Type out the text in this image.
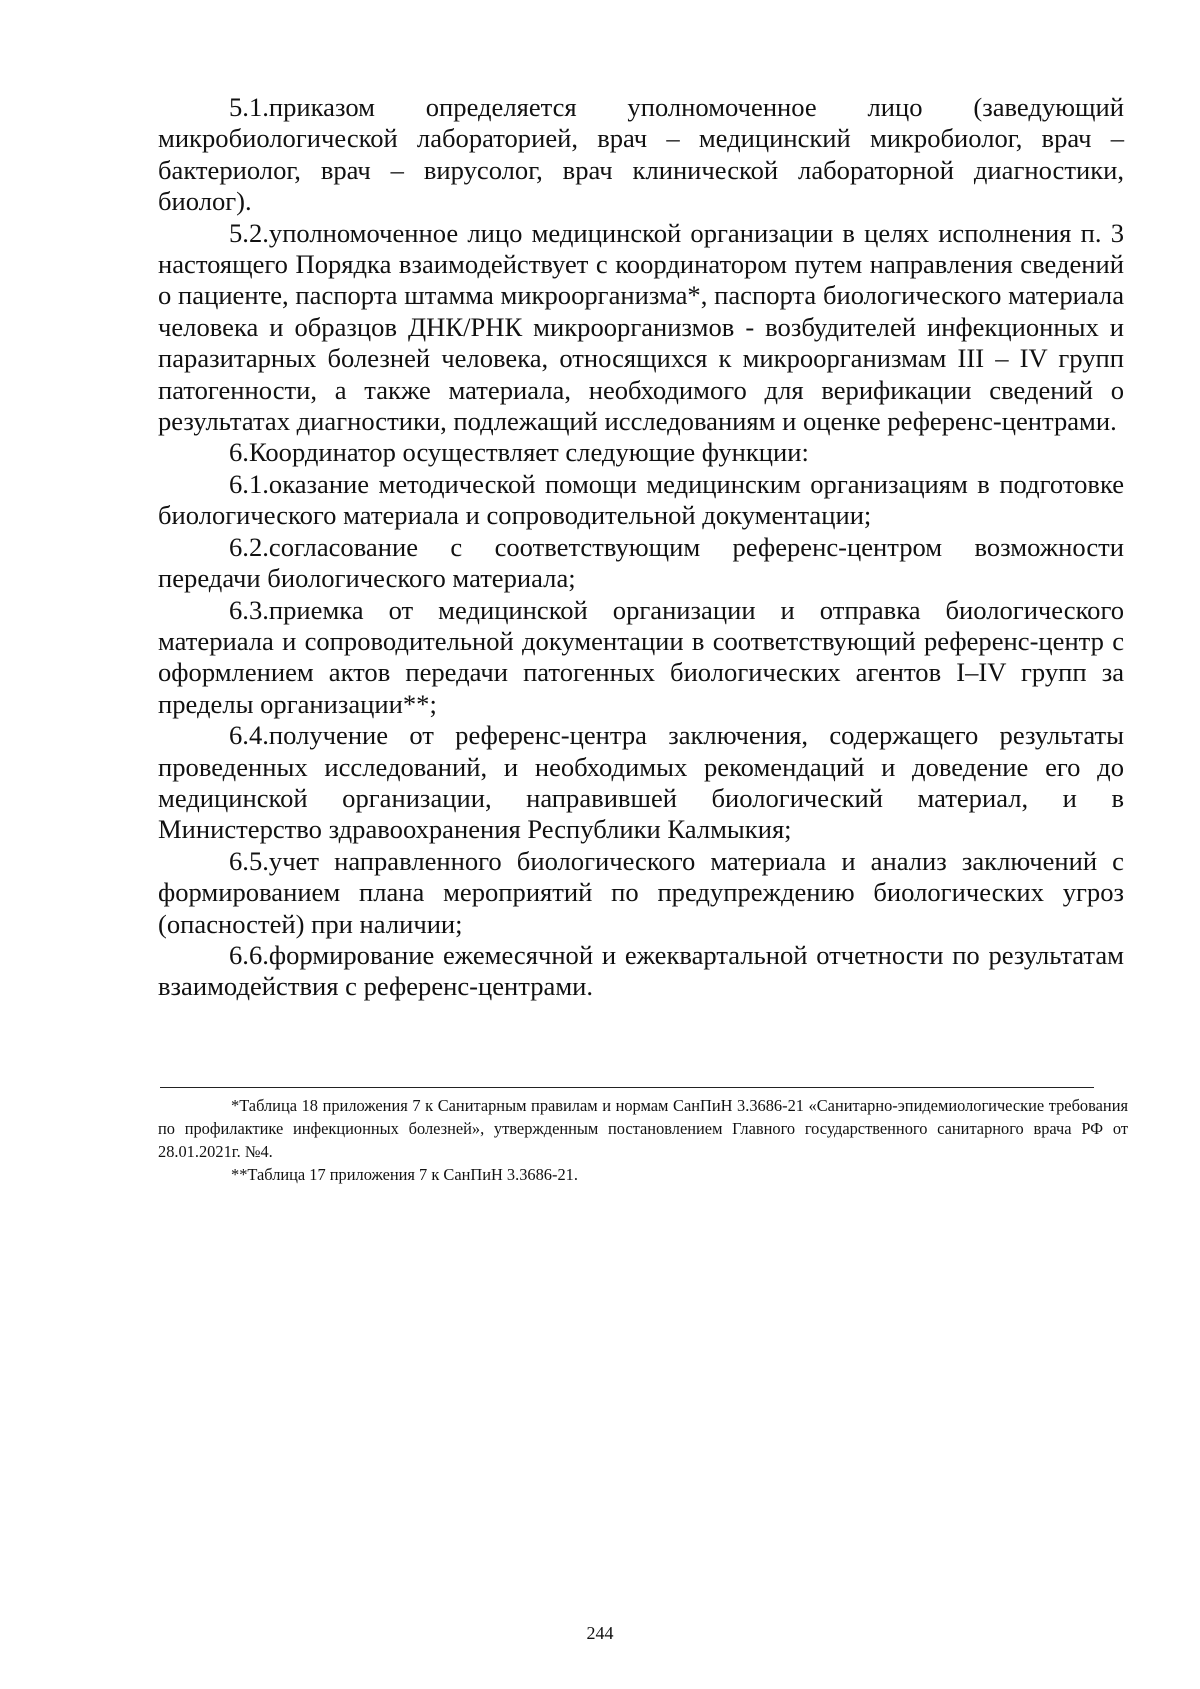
5.1.приказом определяется уполномоченное лицо (заведующий микробиологической лабораторией, врач – медицинский микробиолог, врач – бактериолог, врач – вирусолог, врач клинической лабораторной диагностики, биолог).

5.2.уполномоченное лицо медицинской организации в целях исполнения п. 3 настоящего Порядка взаимодействует с координатором путем направления сведений о пациенте, паспорта штамма микроорганизма*, паспорта биологического материала человека и образцов ДНК/РНК микроорганизмов - возбудителей инфекционных и паразитарных болезней человека, относящихся к микроорганизмам III – IV групп патогенности, а также материала, необходимого для верификации сведений о результатах диагностики, подлежащий исследованиям и оценке референс-центрами.

6.Координатор осуществляет следующие функции:

6.1.оказание методической помощи медицинским организациям в подготовке биологического материала и сопроводительной документации;

6.2.согласование с соответствующим референс-центром возможности передачи биологического материала;

6.3.приемка от медицинской организации и отправка биологического материала и сопроводительной документации в соответствующий референс-центр с оформлением актов передачи патогенных биологических агентов I–IV групп за пределы организации**;

6.4.получение от референс-центра заключения, содержащего результаты проведенных исследований, и необходимых рекомендаций и доведение его до медицинской организации, направившей биологический материал, и в Министерство здравоохранения Республики Калмыкия;

6.5.учет направленного биологического материала и анализ заключений с формированием плана мероприятий по предупреждению биологических угроз (опасностей) при наличии;

6.6.формирование ежемесячной и ежеквартальной отчетности по результатам взаимодействия с референс-центрами.

*Таблица 18 приложения 7 к Санитарным правилам и нормам СанПиН 3.3686-21 «Санитарно-эпидемиологические требования по профилактике инфекционных болезней», утвержденным постановлением Главного государственного санитарного врача РФ от 28.01.2021г. №4.

**Таблица 17 приложения 7 к СанПиН 3.3686-21.

244
